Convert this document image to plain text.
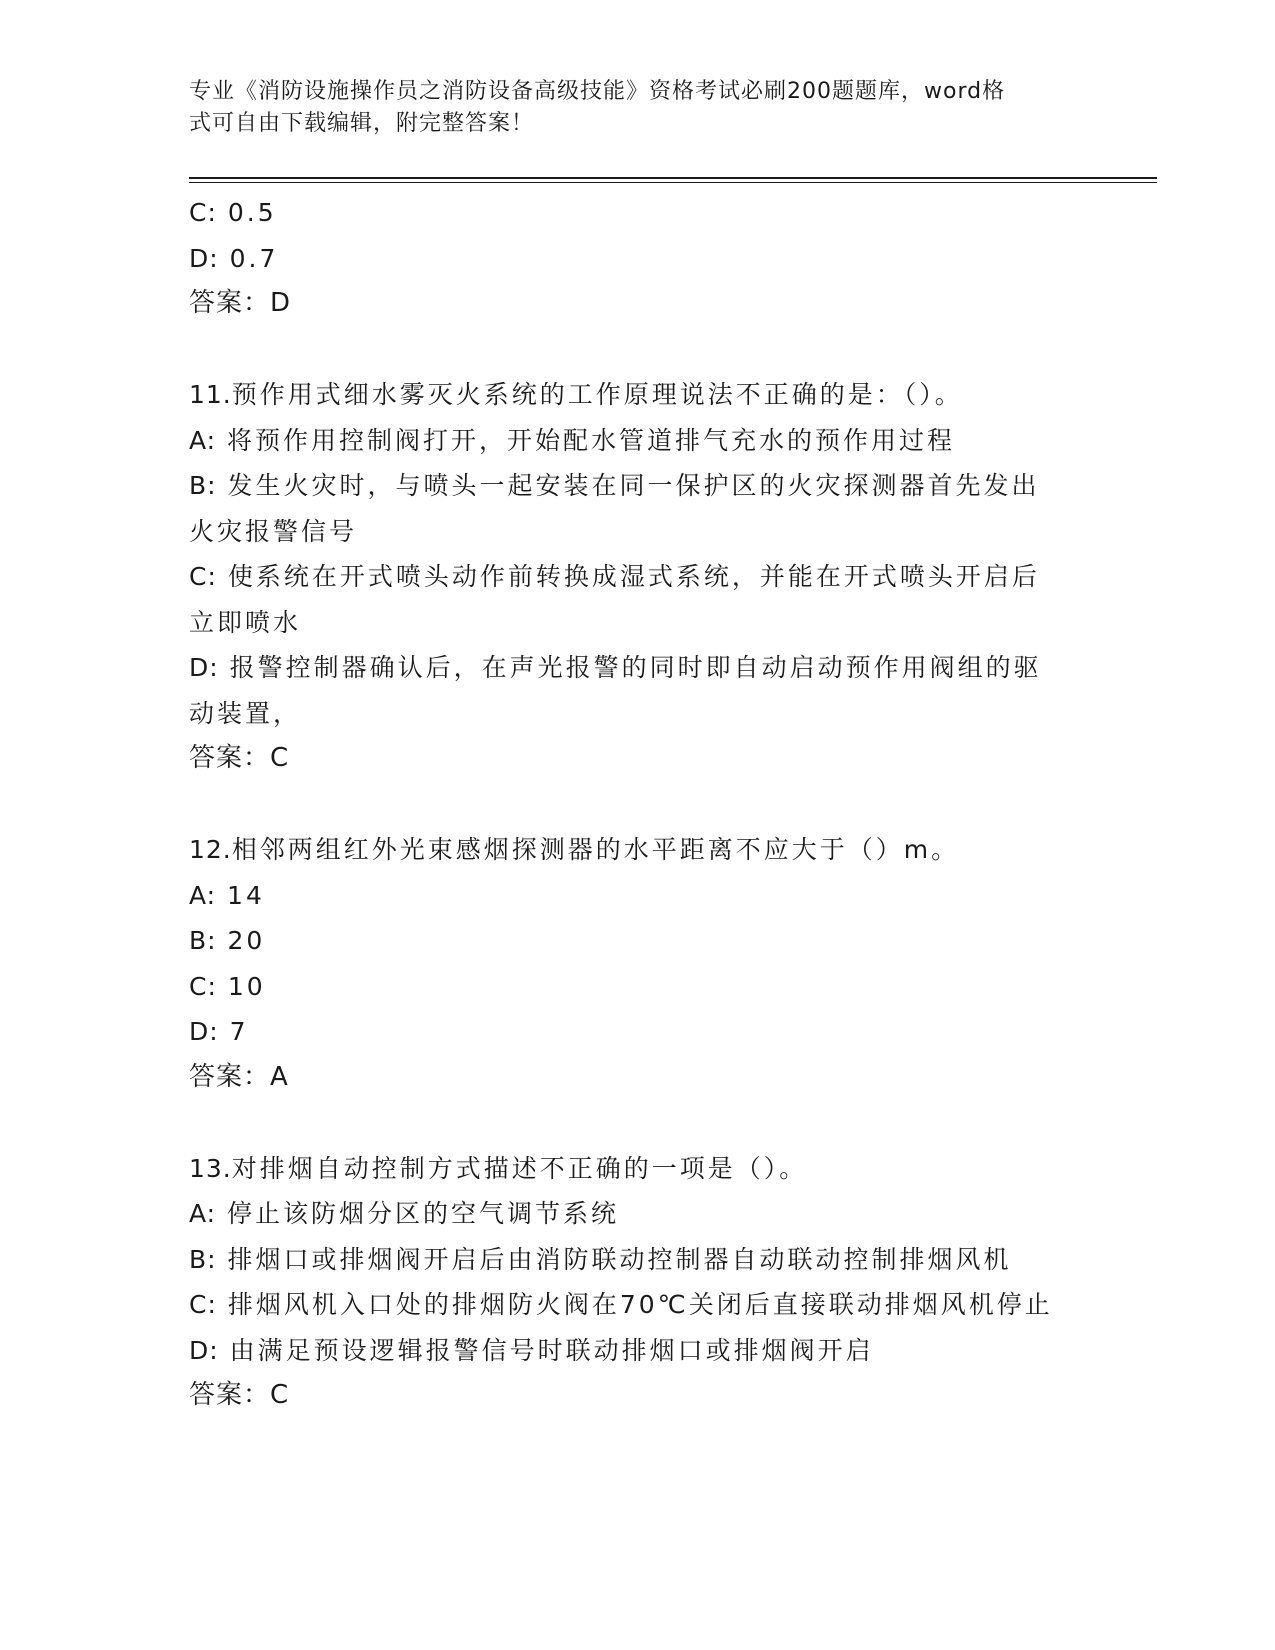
专业《消防设施操作员之消防设备高级技能》资格考试必刷200题题库，word格
式可自由下载编辑，附完整答案！
C: 0.5
D: 0.7
答案：D
11.预作用式细水雾灭火系统的工作原理说法不正确的是：（）。
A: 将预作用控制阀打开，开始配水管道排气充水的预作用过程
B: 发生火灾时，与喷头一起安装在同一保护区的火灾探测器首先发出
火灾报警信号
C: 使系统在开式喷头动作前转换成湿式系统，并能在开式喷头开启后
立即喷水
D: 报警控制器确认后，在声光报警的同时即自动启动预作用阀组的驱
动装置，
答案：C
12.相邻两组红外光束感烟探测器的水平距离不应大于（）m。
A: 14
B: 20
C: 10
D: 7
答案：A
13.对排烟自动控制方式描述不正确的一项是（）。
A: 停止该防烟分区的空气调节系统
B: 排烟口或排烟阀开启后由消防联动控制器自动联动控制排烟风机
C: 排烟风机入口处的排烟防火阀在70℃关闭后直接联动排烟风机停止
D: 由满足预设逻辑报警信号时联动排烟口或排烟阀开启
答案：C
